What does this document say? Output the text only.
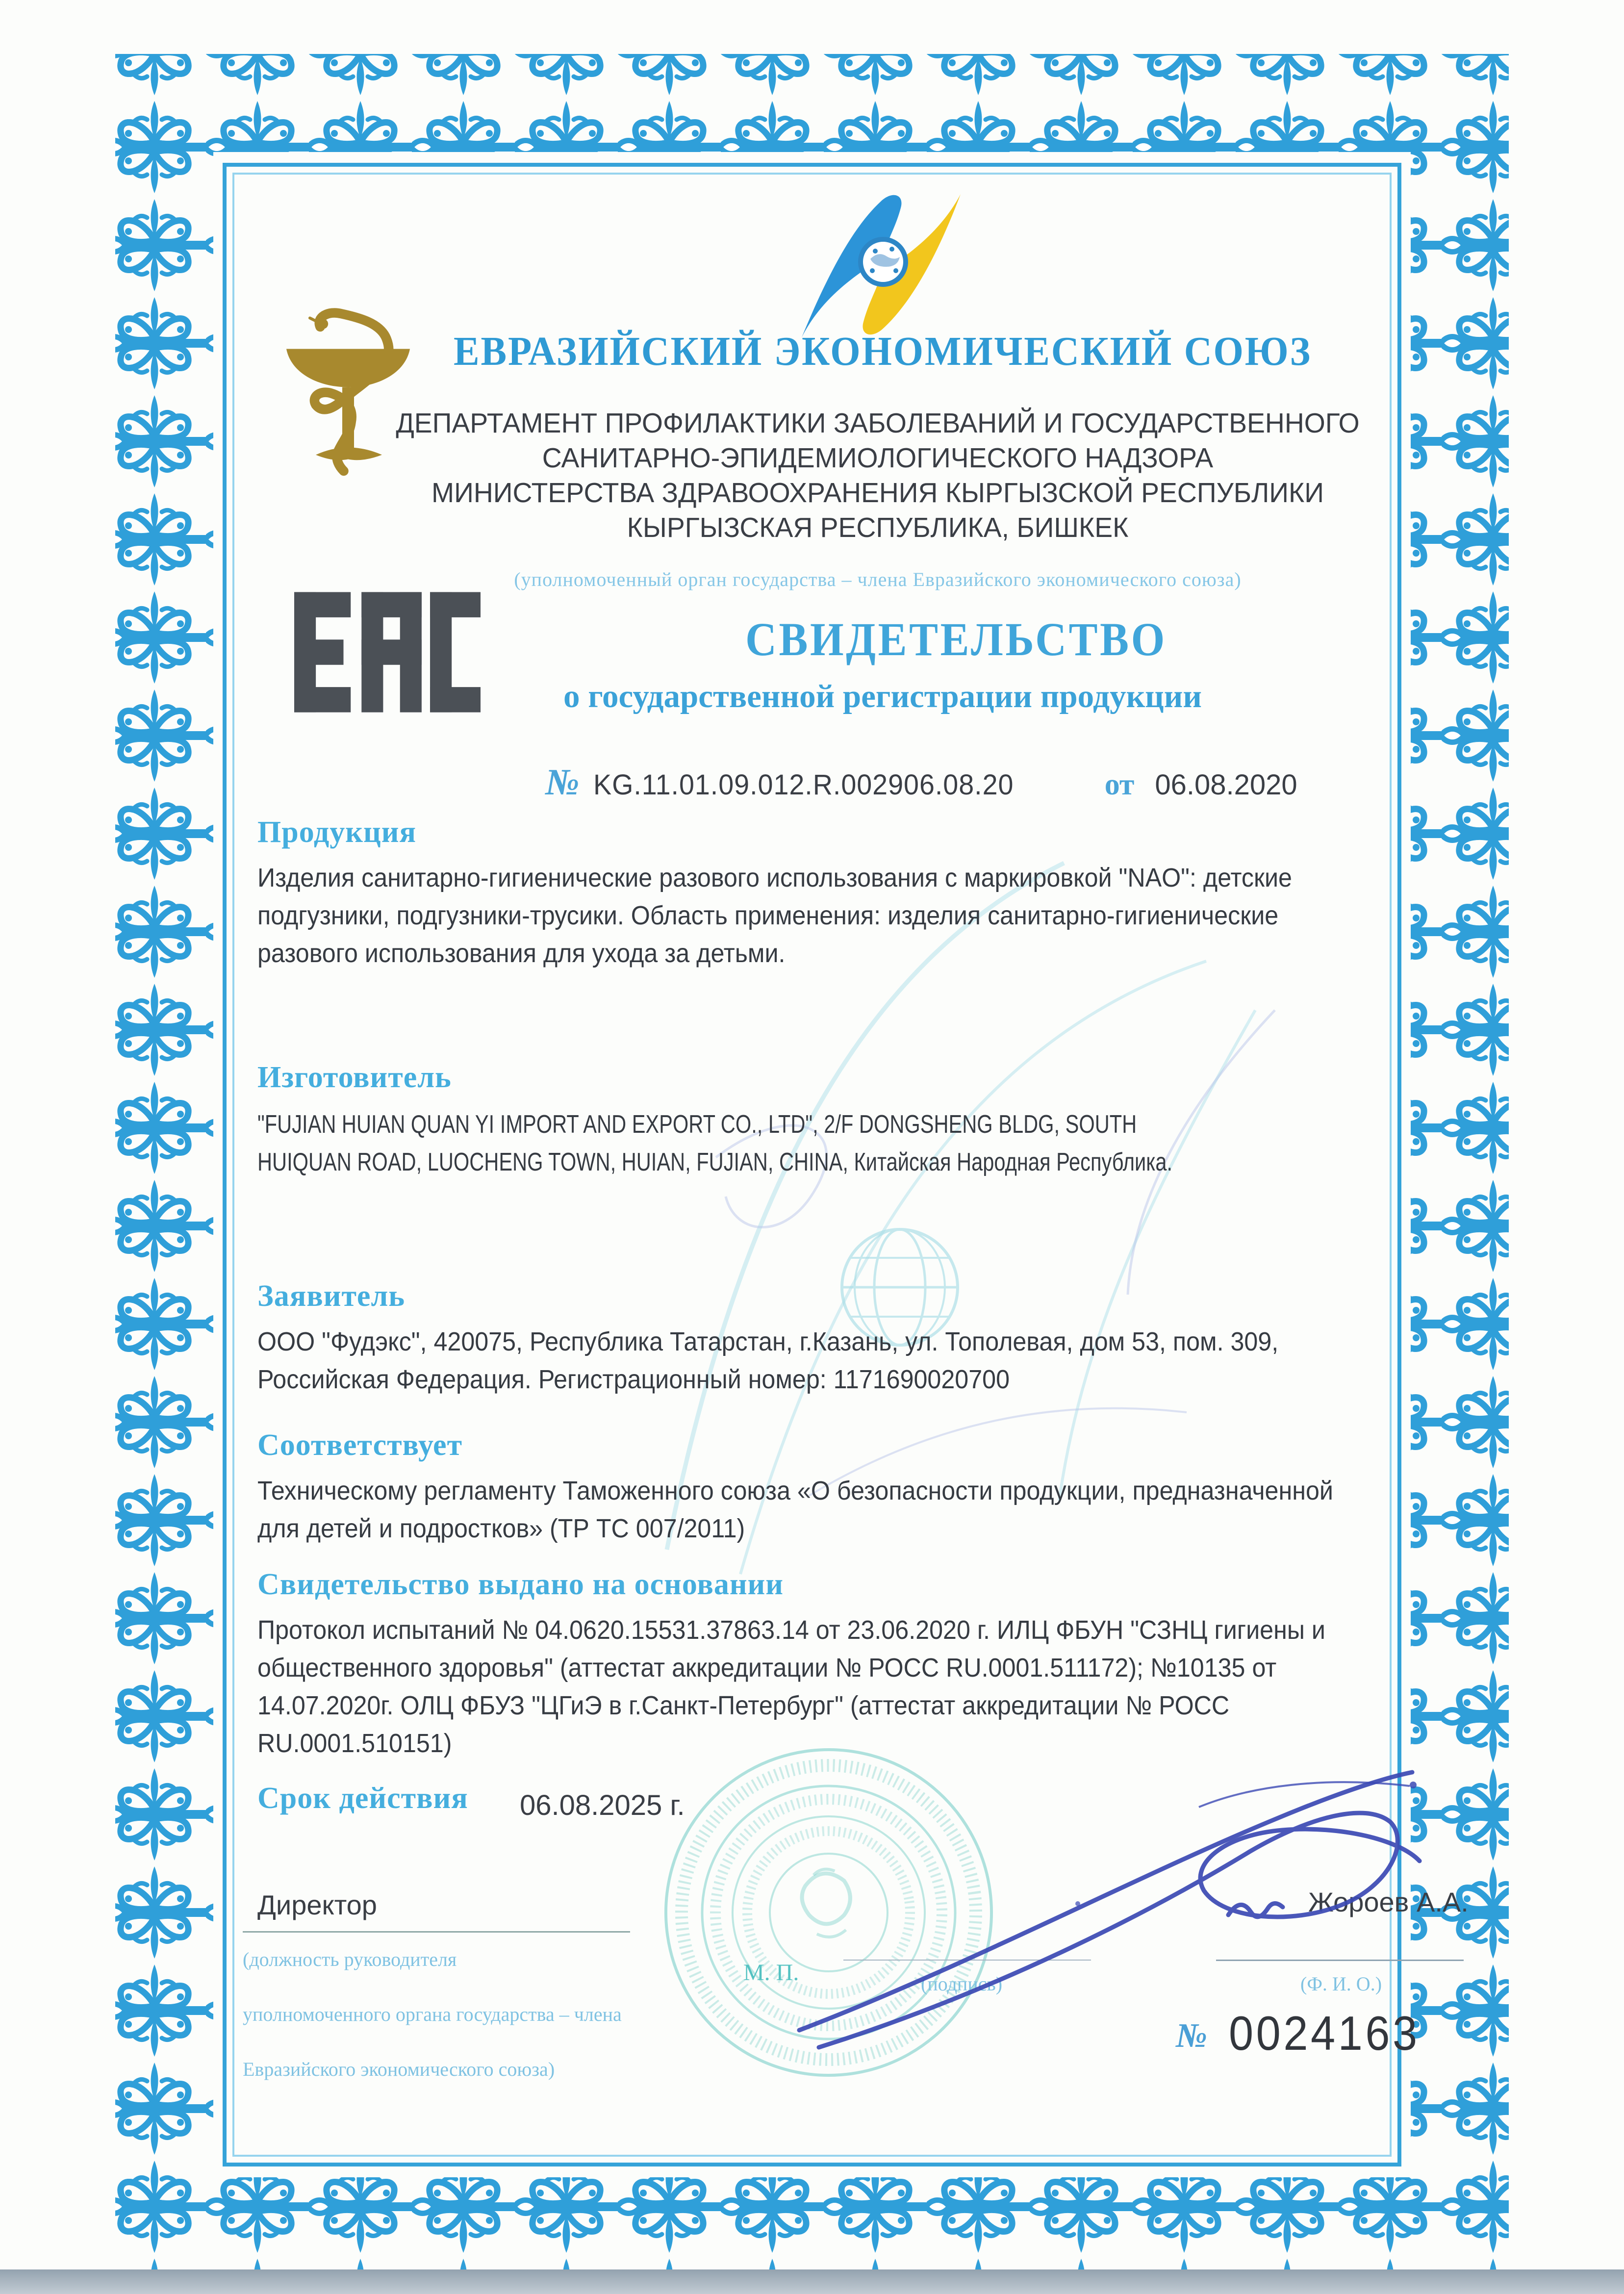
ЕВРАЗИЙСКИЙ ЭКОНОМИЧЕСКИЙ СОЮЗ
ДЕПАРТАМЕНТ ПРОФИЛАКТИКИ ЗАБОЛЕВАНИЙ И ГОСУДАРСТВЕННОГО
САНИТАРНО-ЭПИДЕМИОЛОГИЧЕСКОГО НАДЗОРА
МИНИСТЕРСТВА ЗДРАВООХРАНЕНИЯ КЫРГЫЗСКОЙ РЕСПУБЛИКИ
КЫРГЫЗСКАЯ РЕСПУБЛИКА, БИШКЕК
(уполномоченный орган государства – члена Евразийского экономического союза)
СВИДЕТЕЛЬСТВО
о государственной регистрации продукции
№ KG.11.01.09.012.R.002906.08.20	от 06.08.2020
Продукция
Изделия санитарно-гигиенические разового использования с маркировкой "NAO": детские
подгузники, подгузники-трусики. Область применения: изделия санитарно-гигиенические
разового использования для ухода за детьми.
Изготовитель
"FUJIAN HUIAN QUAN YI IMPORT AND EXPORT CO., LTD", 2/F DONGSHENG BLDG, SOUTH
HUIQUAN ROAD, LUOCHENG TOWN, HUIAN, FUJIAN, CHINA, Китайская Народная Республика.
Заявитель
ООО "Фудэкс", 420075, Республика Татарстан, г.Казань, ул. Тополевая, дом 53, пом. 309,
Российская Федерация. Регистрационный номер: 1171690020700
Соответствует
Техническому регламенту Таможенного союза «О безопасности продукции, предназначенной
для детей и подростков» (ТР ТС 007/2011)
Свидетельство выдано на основании
Протокол испытаний № 04.0620.15531.37863.14 от 23.06.2020 г. ИЛЦ ФБУН "СЗНЦ гигиены и
общественного здоровья" (аттестат аккредитации № РОСС RU.0001.511172); №10135 от
14.07.2020г. ОЛЦ ФБУЗ "ЦГиЭ в г.Санкт-Петербург" (аттестат аккредитации № РОСС
RU.0001.510151)
Срок действия 06.08.2025 г.
Директор	Жороев А.А.
(должность руководителя
уполномоченного органа государства – члена
Евразийского экономического союза)
М. П.	(подпись)	(Ф. И. О.)
№ 0024163
